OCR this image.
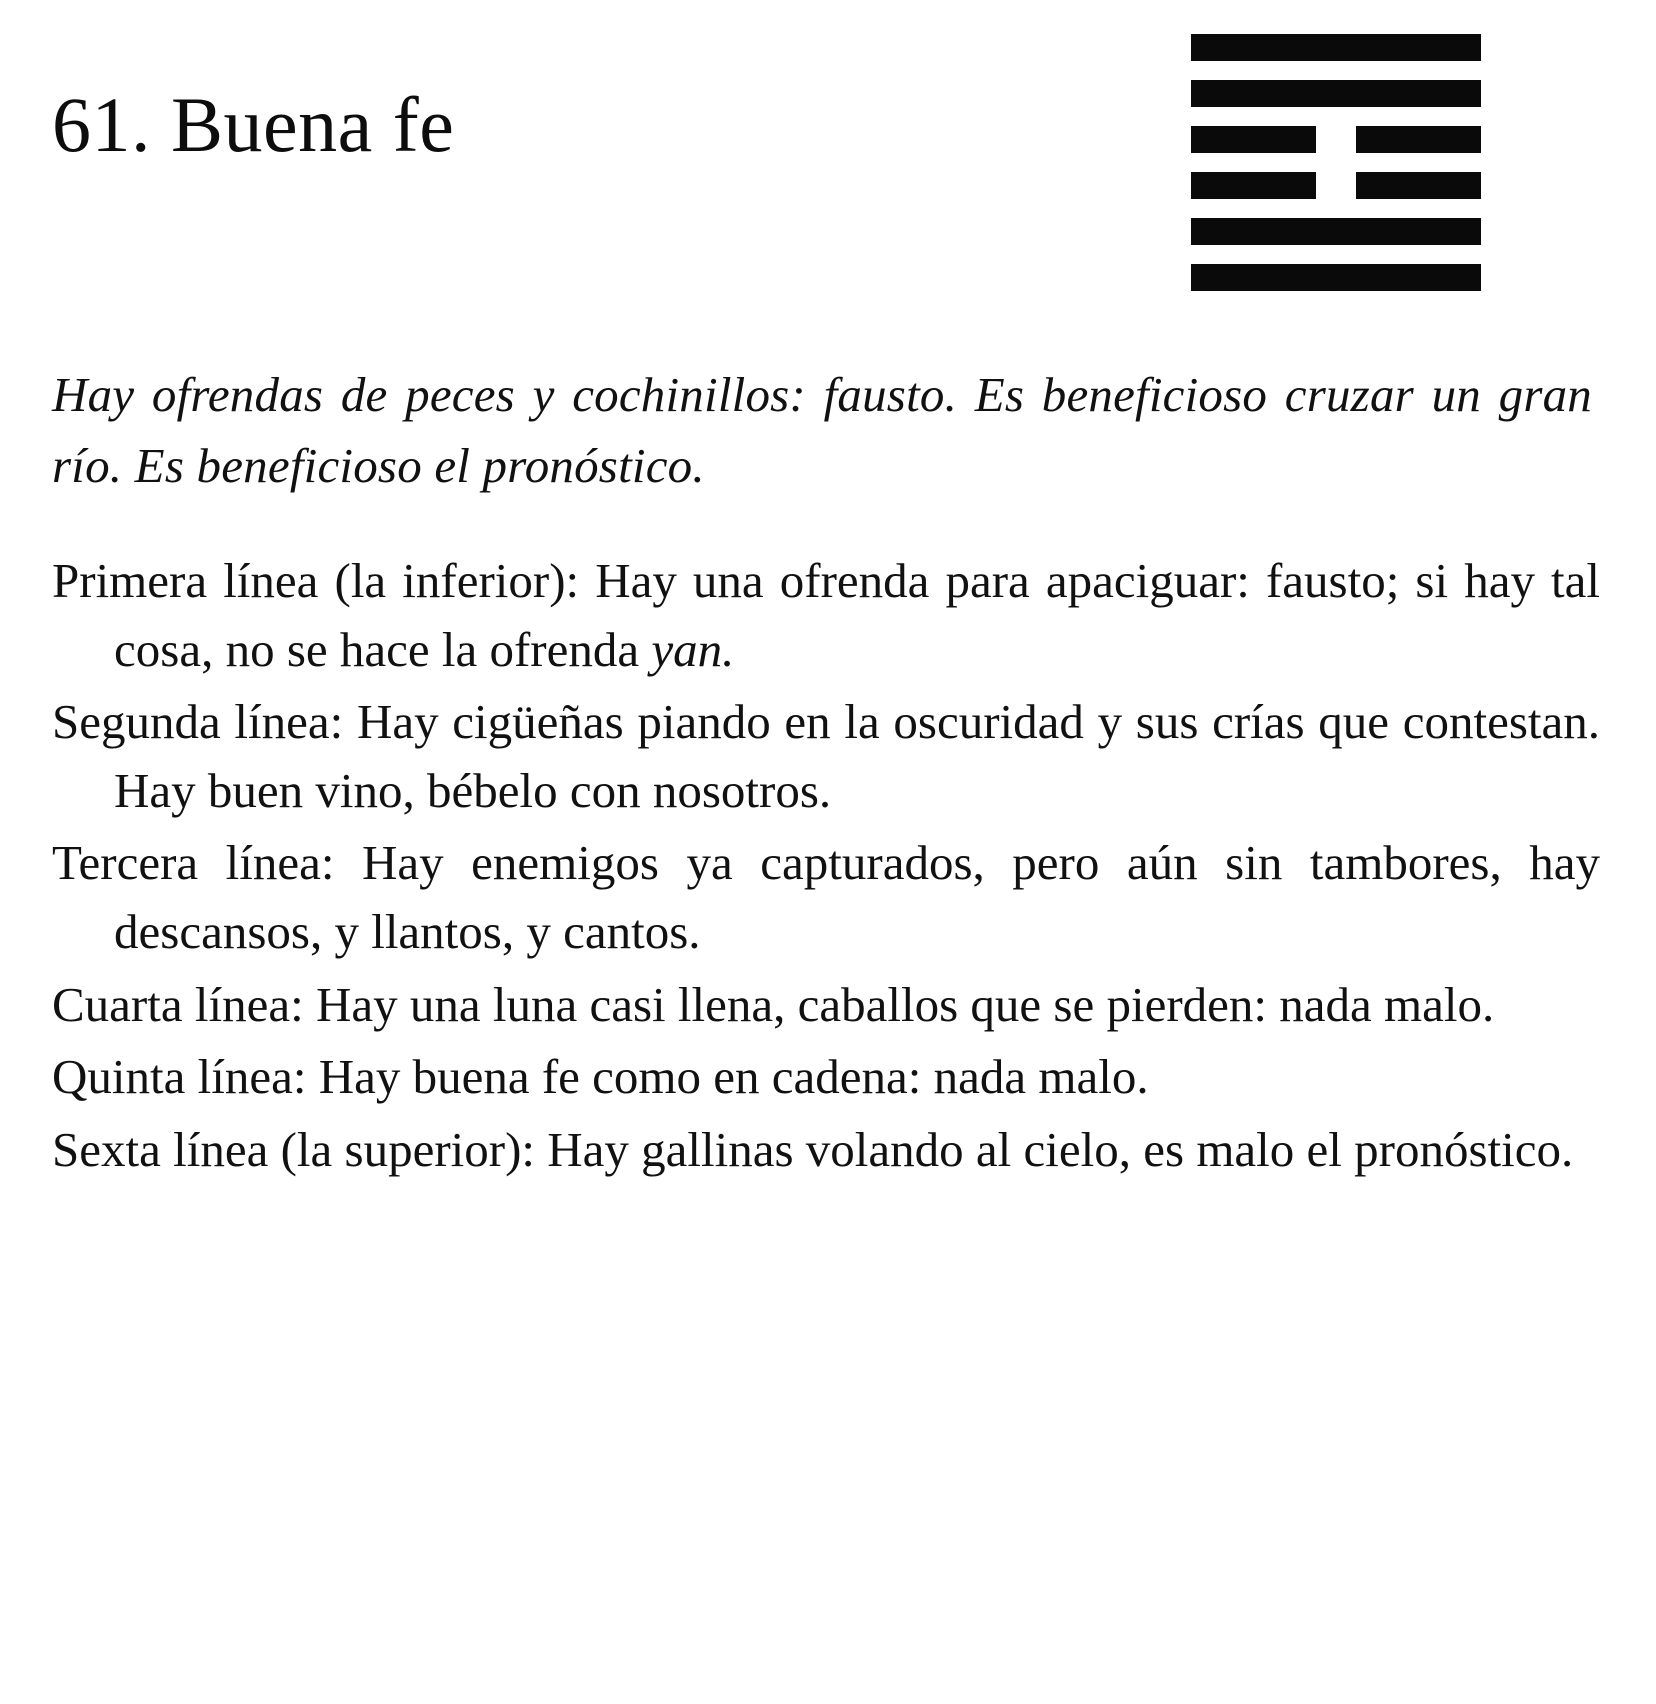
61. Buena fe

Hay ofrendas de peces y cochinillos: fausto. Es beneficioso cruzar un gran río. Es beneficioso el pronóstico.

Primera línea (la inferior): Hay una ofrenda para apaciguar: fausto; si hay tal cosa, no se hace la ofrenda yan.
Segunda línea: Hay cigüeñas piando en la oscuridad y sus crías que contestan. Hay buen vino, bébelo con nosotros.
Tercera línea: Hay enemigos ya capturados, pero aún sin tambores, hay descansos, y llantos, y cantos.
Cuarta línea: Hay una luna casi llena, caballos que se pierden: nada malo.
Quinta línea: Hay buena fe como en cadena: nada malo.
Sexta línea (la superior): Hay gallinas volando al cielo, es malo el pronóstico.
